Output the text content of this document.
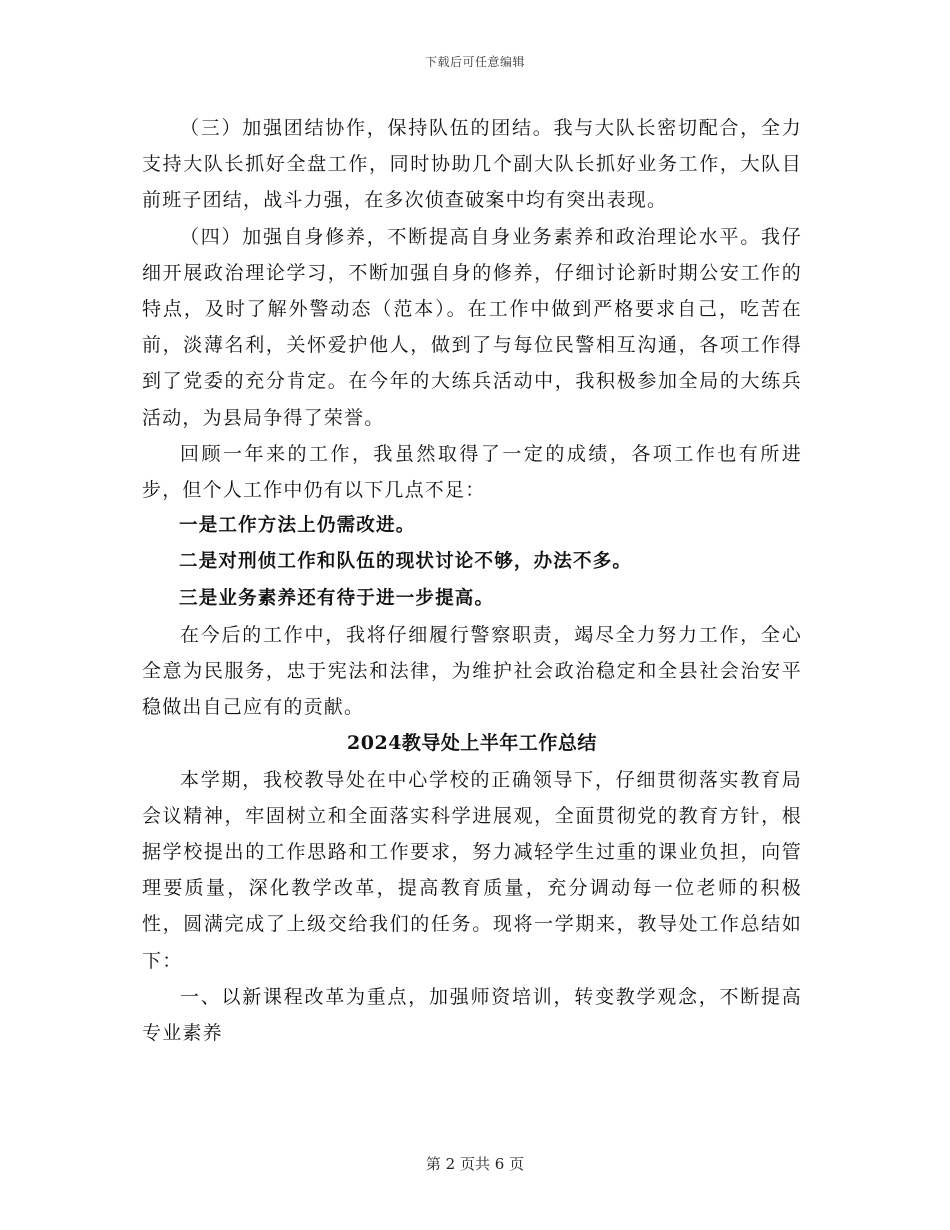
下载后可任意编辑

（三）加强团结协作，保持队伍的团结。我与大队长密切配合，全力支持大队长抓好全盘工作，同时协助几个副大队长抓好业务工作，大队目前班子团结，战斗力强，在多次侦查破案中均有突出表现。

（四）加强自身修养，不断提高自身业务素养和政治理论水平。我仔细开展政治理论学习，不断加强自身的修养，仔细讨论新时期公安工作的特点，及时了解外警动态（范本）。在工作中做到严格要求自己，吃苦在前，淡薄名利，关怀爱护他人，做到了与每位民警相互沟通，各项工作得到了党委的充分肯定。在今年的大练兵活动中，我积极参加全局的大练兵活动，为县局争得了荣誉。

回顾一年来的工作，我虽然取得了一定的成绩，各项工作也有所进步，但个人工作中仍有以下几点不足：

一是工作方法上仍需改进。

二是对刑侦工作和队伍的现状讨论不够，办法不多。

三是业务素养还有待于进一步提高。

在今后的工作中，我将仔细履行警察职责，竭尽全力努力工作，全心全意为民服务，忠于宪法和法律，为维护社会政治稳定和全县社会治安平稳做出自己应有的贡献。

2024教导处上半年工作总结

本学期，我校教导处在中心学校的正确领导下，仔细贯彻落实教育局会议精神，牢固树立和全面落实科学进展观，全面贯彻党的教育方针，根据学校提出的工作思路和工作要求，努力减轻学生过重的课业负担，向管理要质量，深化教学改革，提高教育质量，充分调动每一位老师的积极性，圆满完成了上级交给我们的任务。现将一学期来，教导处工作总结如下：

一、以新课程改革为重点，加强师资培训，转变教学观念，不断提高专业素养

第 2 页共 6 页
